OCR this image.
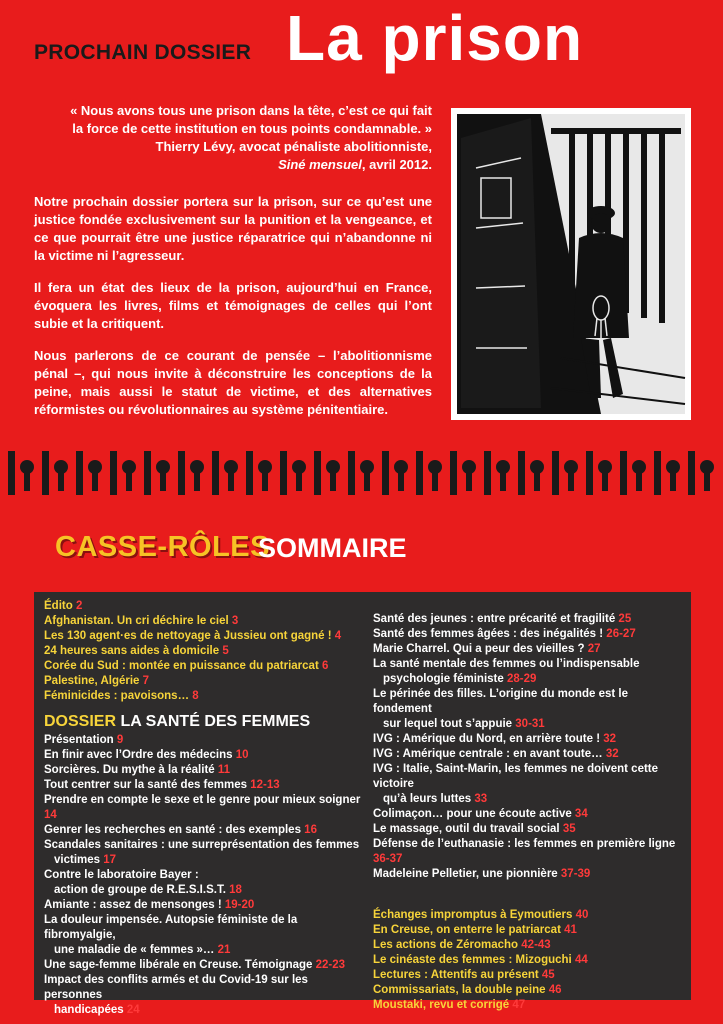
PROCHAIN DOSSIER La prison
« Nous avons tous une prison dans la tête, c’est ce qui fait
la force de cette institution en tous points condamnable. »
Thierry Lévy, avocat pénaliste abolitionniste,
Siné mensuel, avril 2012.
Notre prochain dossier portera sur la prison, sur ce qu’est une justice fondée exclusivement sur la punition et la vengeance, et ce que pourrait être une justice réparatrice qui n’abandonne ni la victime ni l’agresseur.
Il fera un état des lieux de la prison, aujourd’hui en France, évoquera les livres, films et témoignages de celles qui l’ont subie et la critiquent.
Nous parlerons de ce courant de pensée – l’abolitionnisme pénal –, qui nous invite à déconstruire les conceptions de la peine, mais aussi le statut de victime, et des alternatives réformistes ou révolutionnaires au système pénitentiaire.
CASSE-RÔLES
SOMMAIRE
Édito 2
Afghanistan. Un cri déchire le ciel 3
Les 130 agent·es de nettoyage à Jussieu ont gagné ! 4
24 heures sans aides à domicile 5
Corée du Sud : montée en puissance du patriarcat 6
Palestine, Algérie 7
Féminicides : pavoisons… 8
DOSSIER LA SANTÉ DES FEMMES
Présentation 9
En finir avec l’Ordre des médecins 10
Sorcières. Du mythe à la réalité 11
Tout centrer sur la santé des femmes 12-13
Prendre en compte le sexe et le genre pour mieux soigner 14
Genrer les recherches en santé : des exemples 16
Scandales sanitaires : une surreprésentation des femmes
victimes 17
Contre le laboratoire Bayer :
action de groupe de R.E.S.I.S.T. 18
Amiante : assez de mensonges ! 19-20
La douleur impensée. Autopsie féministe de la fibromyalgie,
une maladie de « femmes »… 21
Une sage-femme libérale en Creuse. Témoignage 22-23
Impact des conflits armés et du Covid-19 sur les personnes
handicapées 24
Santé des jeunes : entre précarité et fragilité 25
Santé des femmes âgées : des inégalités ! 26-27
Marie Charrel. Qui a peur des vieilles ? 27
La santé mentale des femmes ou l’indispensable
psychologie féministe 28-29
Le périnée des filles. L’origine du monde est le fondement
sur lequel tout s’appuie 30-31
IVG : Amérique du Nord, en arrière toute ! 32
IVG : Amérique centrale : en avant toute… 32
IVG : Italie, Saint-Marin, les femmes ne doivent cette victoire
qu’à leurs luttes 33
Colimaçon… pour une écoute active 34
Le massage, outil du travail social 35
Défense de l’euthanasie : les femmes en première ligne 36-37
Madeleine Pelletier, une pionnière 37-39
Échanges impromptus à Eymoutiers 40
En Creuse, on enterre le patriarcat 41
Les actions de Zéromacho 42-43
Le cinéaste des femmes : Mizoguchi 44
Lectures : Attentifs au présent 45
Commissariats, la double peine 46
Moustaki, revu et corrigé 47
